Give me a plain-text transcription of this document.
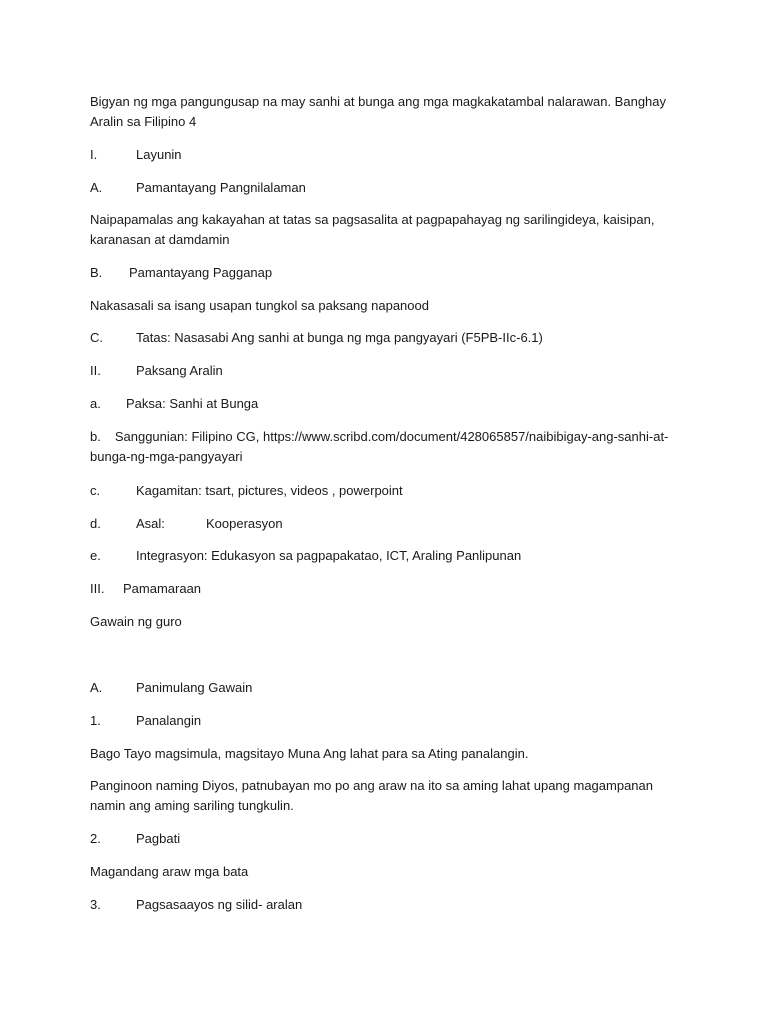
Bigyan ng mga pangungusap na may sanhi at bunga ang mga magkakatambal nalarawan. Banghay Aralin sa Filipino 4

I.	Layunin
A.	Pamantayang Pangnilalaman

Naipapamalas ang kakayahan at tatas sa pagsasalita at pagpapahayag ng sarilingideya, kaisipan, karanasan at damdamin

B. Pamantayang Pagganap

Nakasasali sa isang usapan tungkol sa paksang napanood

C.	Tatas: Nasasabi Ang sanhi at bunga ng mga pangyayari (F5PB-IIc-6.1)
II.	Paksang Aralin
a. Paksa: Sanhi at Bunga
b. Sanggunian: Filipino CG, https://www.scribd.com/document/428065857/naibibigay-ang-sanhi-at-bunga-ng-mga-pangyayari
c.	Kagamitan: tsart, pictures, videos , powerpoint
d.	Asal:	Kooperasyon
e.	Integrasyon: Edukasyon sa pagpapakatao, ICT, Araling Panlipunan
III. Pamamaraan

Gawain ng guro

A.	Panimulang Gawain
1.	Panalangin

Bago Tayo magsimula, magsitayo Muna Ang lahat para sa Ating panalangin.

Panginoon naming Diyos, patnubayan mo po ang araw na ito sa aming lahat upang magampanan namin ang aming sariling tungkulin.

2.	Pagbati

Magandang araw mga bata

3.	Pagsasaayos ng silid- aralan
